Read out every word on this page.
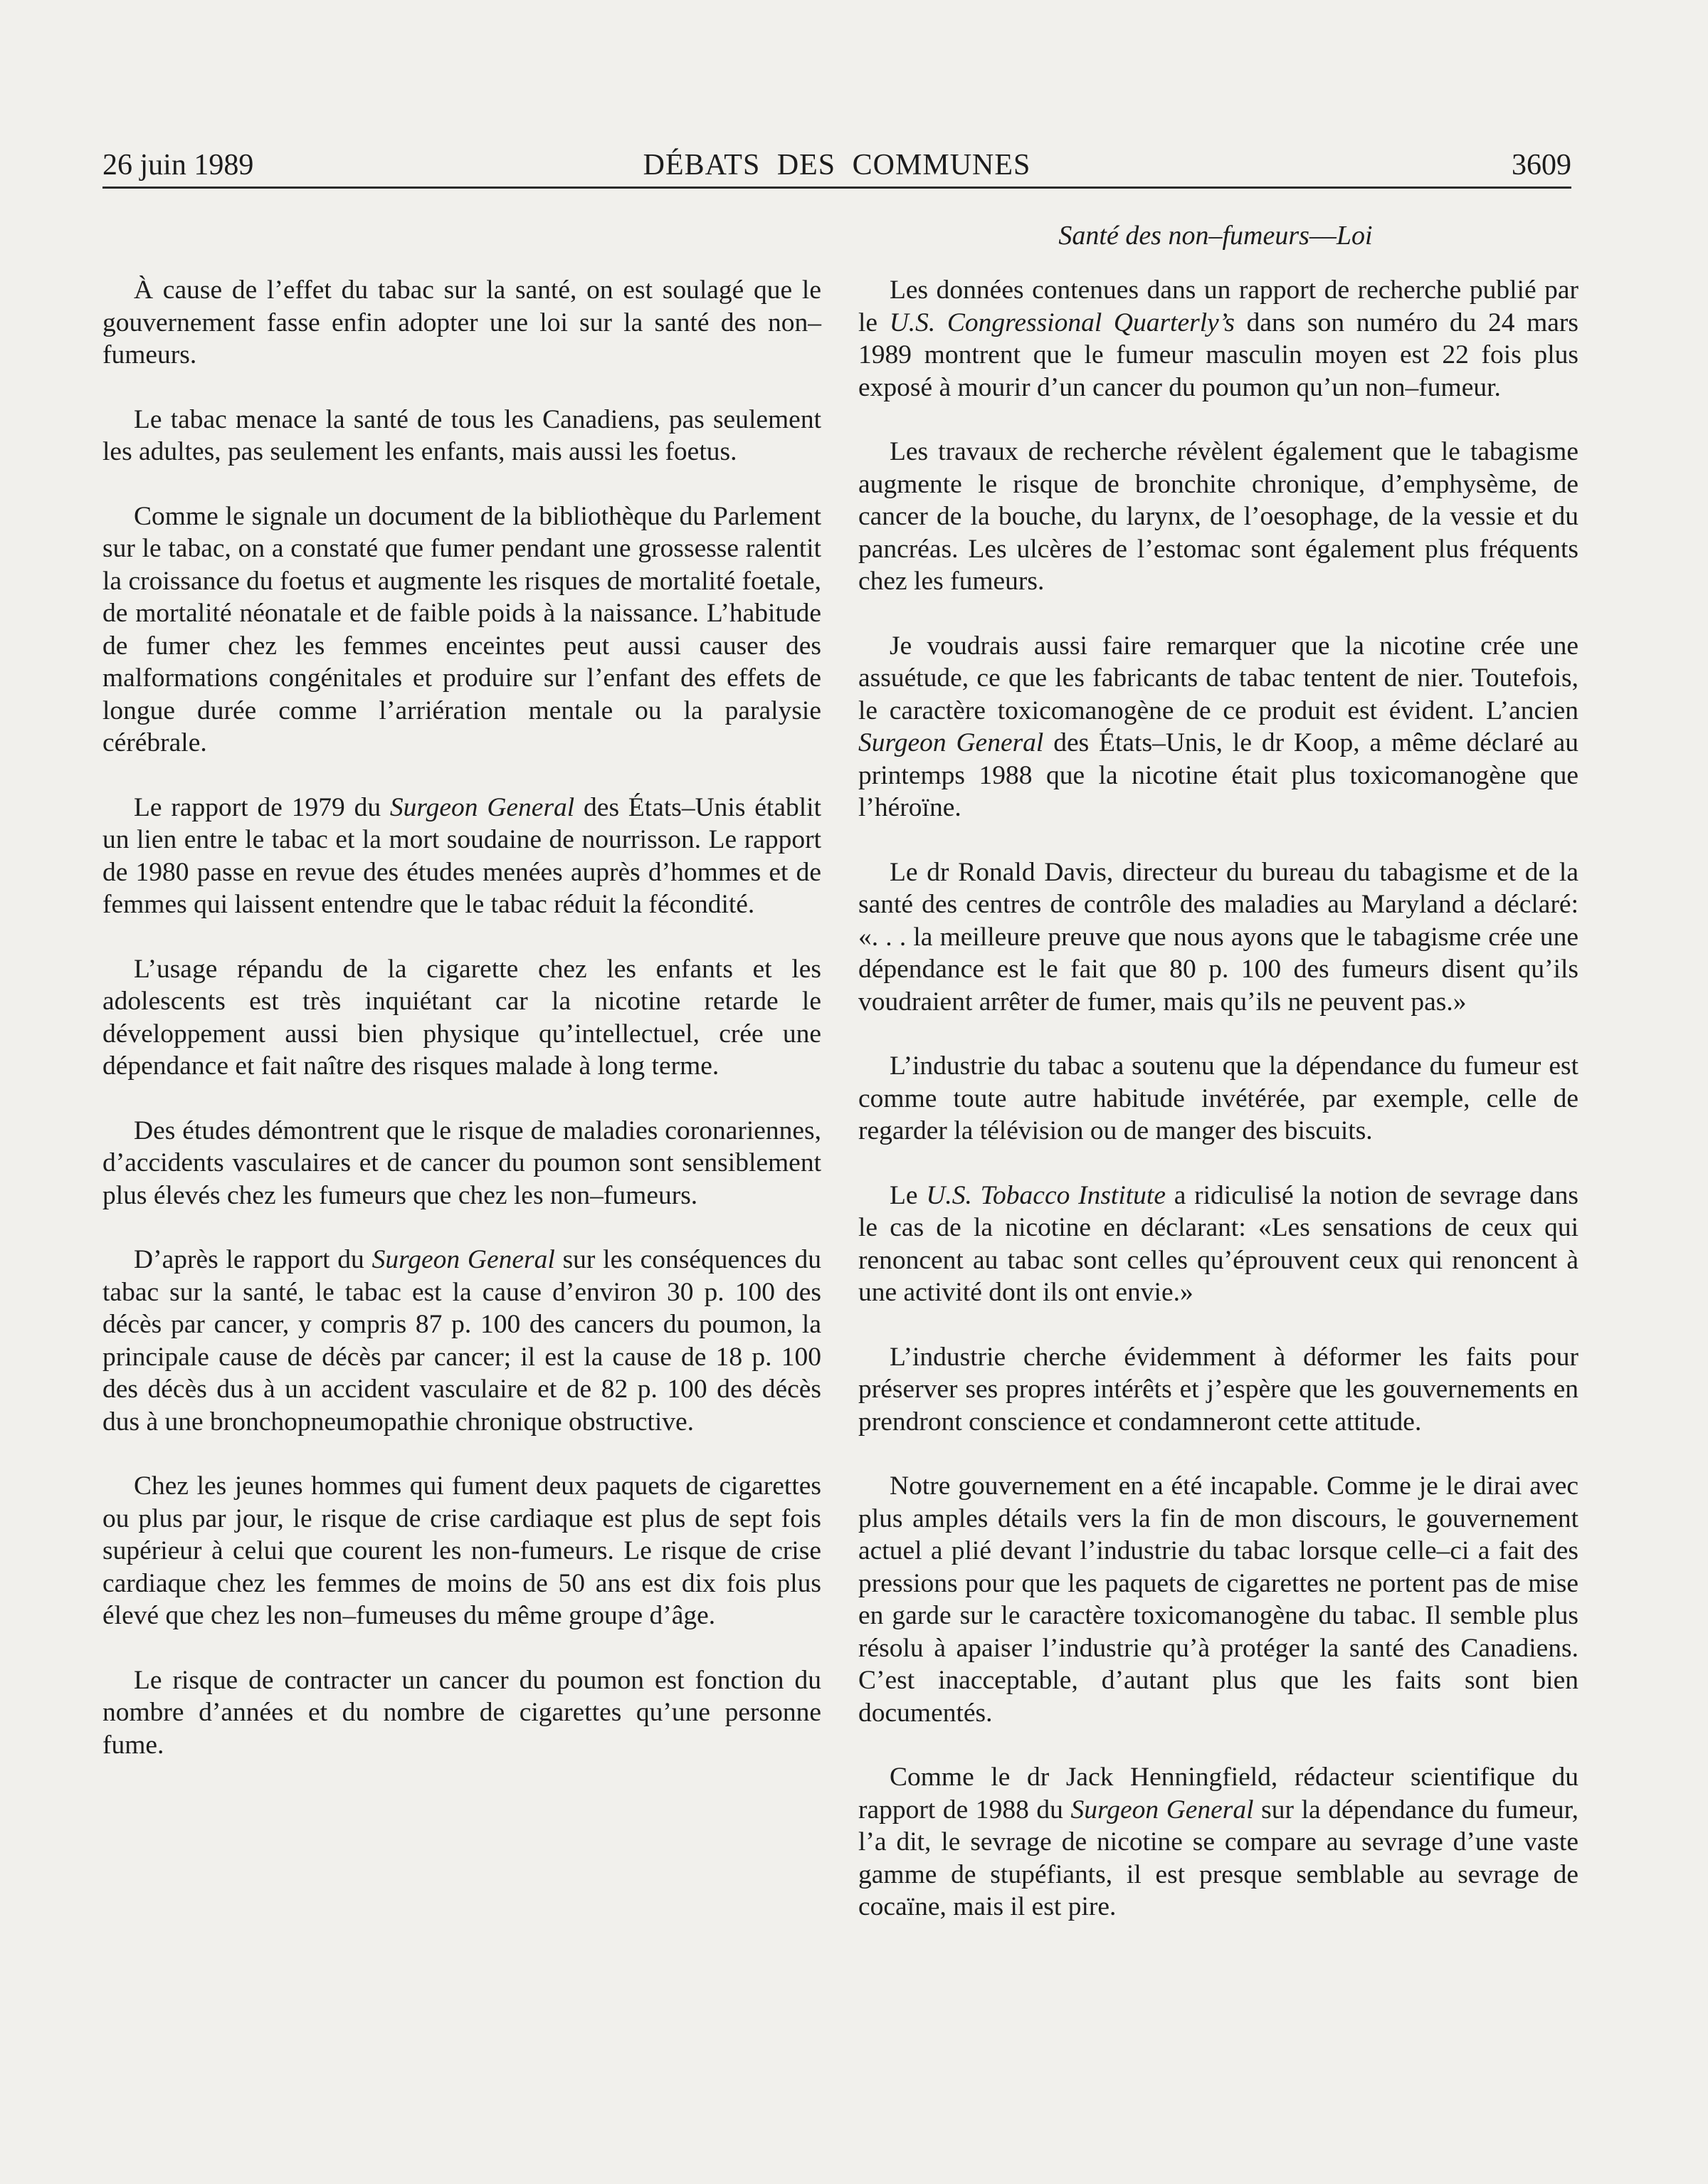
26 juin 1989	DÉBATS DES COMMUNES	3609
Santé des non–fumeurs––Loi

À cause de l’effet du tabac sur la santé, on est soulagé que le gouvernement fasse enfin adopter une loi sur la santé des non–fumeurs.

Le tabac menace la santé de tous les Canadiens, pas seulement les adultes, pas seulement les enfants, mais aussi les foetus.

Comme le signale un document de la bibliothèque du Parlement sur le tabac, on a constaté que fumer pendant une grossesse ralentit la croissance du foetus et augmente les risques de mortalité foetale, de mortalité néonatale et de faible poids à la naissance. L’habitude de fumer chez les femmes enceintes peut aussi causer des malformations congénitales et produire sur l’enfant des effets de longue durée comme l’arriération mentale ou la paralysie cérébrale.

Le rapport de 1979 du Surgeon General des États–Unis établit un lien entre le tabac et la mort soudaine de nourrisson. Le rapport de 1980 passe en revue des études menées auprès d’hommes et de femmes qui laissent entendre que le tabac réduit la fécondité.

L’usage répandu de la cigarette chez les enfants et les adolescents est très inquiétant car la nicotine retarde le développement aussi bien physique qu’intellectuel, crée une dépendance et fait naître des risques malade à long terme.

Des études démontrent que le risque de maladies coronariennes, d’accidents vasculaires et de cancer du poumon sont sensiblement plus élevés chez les fumeurs que chez les non–fumeurs.

D’après le rapport du Surgeon General sur les conséquences du tabac sur la santé, le tabac est la cause d’environ 30 p. 100 des décès par cancer, y compris 87 p. 100 des cancers du poumon, la principale cause de décès par cancer; il est la cause de 18 p. 100 des décès dus à un accident vasculaire et de 82 p. 100 des décès dus à une bronchopneumopathie chronique obstructive.

Chez les jeunes hommes qui fument deux paquets de cigarettes ou plus par jour, le risque de crise cardiaque est plus de sept fois supérieur à celui que courent les non-fumeurs. Le risque de crise cardiaque chez les femmes de moins de 50 ans est dix fois plus élevé que chez les non–fumeuses du même groupe d’âge.

Le risque de contracter un cancer du poumon est fonction du nombre d’années et du nombre de cigarettes qu’une personne fume.

Les données contenues dans un rapport de recherche publié par le U.S. Congressional Quarterly’s dans son numéro du 24 mars 1989 montrent que le fumeur masculin moyen est 22 fois plus exposé à mourir d’un cancer du poumon qu’un non–fumeur.

Les travaux de recherche révèlent également que le tabagisme augmente le risque de bronchite chronique, d’emphysème, de cancer de la bouche, du larynx, de l’oesophage, de la vessie et du pancréas. Les ulcères de l’estomac sont également plus fréquents chez les fumeurs.

Je voudrais aussi faire remarquer que la nicotine crée une assuétude, ce que les fabricants de tabac tentent de nier. Toutefois, le caractère toxicomanogène de ce produit est évident. L’ancien Surgeon General des États–Unis, le dr Koop, a même déclaré au printemps 1988 que la nicotine était plus toxicomanogène que l’héroïne.

Le dr Ronald Davis, directeur du bureau du tabagisme et de la santé des centres de contrôle des maladies au Maryland a déclaré: «. . . la meilleure preuve que nous ayons que le tabagisme crée une dépendance est le fait que 80 p. 100 des fumeurs disent qu’ils voudraient arrêter de fumer, mais qu’ils ne peuvent pas.»

L’industrie du tabac a soutenu que la dépendance du fumeur est comme toute autre habitude invétérée, par exemple, celle de regarder la télévision ou de manger des biscuits.

Le U.S. Tobacco Institute a ridiculisé la notion de sevrage dans le cas de la nicotine en déclarant: «Les sensations de ceux qui renoncent au tabac sont celles qu’éprouvent ceux qui renoncent à une activité dont ils ont envie.»

L’industrie cherche évidemment à déformer les faits pour préserver ses propres intérêts et j’espère que les gouvernements en prendront conscience et condamneront cette attitude.

Notre gouvernement en a été incapable. Comme je le dirai avec plus amples détails vers la fin de mon discours, le gouvernement actuel a plié devant l’industrie du tabac lorsque celle–ci a fait des pressions pour que les paquets de cigarettes ne portent pas de mise en garde sur le caractère toxicomanogène du tabac. Il semble plus résolu à apaiser l’industrie qu’à protéger la santé des Canadiens. C’est inacceptable, d’autant plus que les faits sont bien documentés.

Comme le dr Jack Henningfield, rédacteur scientifique du rapport de 1988 du Surgeon General sur la dépendance du fumeur, l’a dit, le sevrage de nicotine se compare au sevrage d’une vaste gamme de stupéfiants, il est presque semblable au sevrage de cocaïne, mais il est pire.
